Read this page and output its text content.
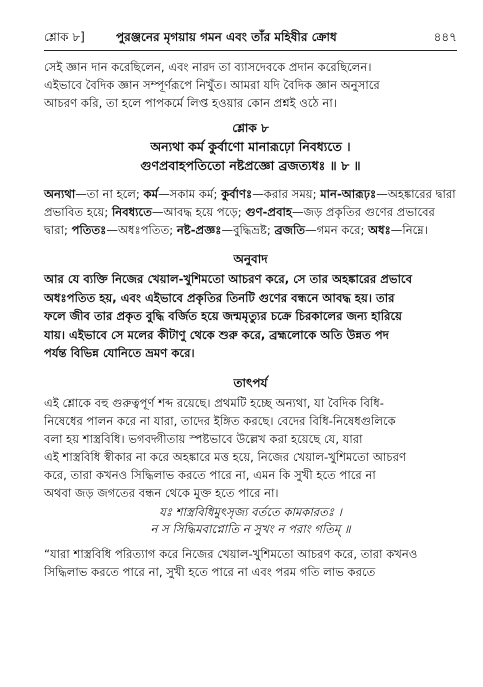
শ্লোক ৮]	পুরঞ্জনের মৃগয়ায় গমন এবং তাঁর মহিষীর ক্রোধ	৪৪৭

সেই জ্ঞান দান করেছিলেন, এবং নারদ তা ব্যাসদেবকে প্রদান করেছিলেন।

এইভাবে বৈদিক জ্ঞান সম্পূর্ণরূপে নিখুঁত। আমরা যদি বৈদিক জ্ঞান অনুসারে

আচরণ করি, তা হলে পাপকর্মে লিপ্ত হওয়ার কোন প্রশ্নই ওঠে না।

শ্লোক ৮
অন্যথা কর্ম কুর্বাণো মানারূঢ়ো নিবধ্যতে ।
গুণপ্রবাহপতিতো নষ্টপ্রজ্ঞো ব্রজত্যধঃ ॥ ৮ ॥

অন্যথা—তা না হলে; কর্ম—সকাম কর্ম; কুর্বাণঃ—করার সময়; মান-আরূঢ়ঃ—অহঙ্কারের দ্বারা প্রভাবিত হয়ে; নিবধ্যতে—আবদ্ধ হয়ে পড়ে; গুণ-প্রবাহ—জড় প্রকৃতির গুণের প্রভাবের দ্বারা; পতিতঃ—অধঃপতিত; নষ্ট-প্রজ্ঞঃ—বুদ্ধিভ্রষ্ট; ব্রজতি—গমন করে; অধঃ—নিম্নে।

অনুবাদ

আর যে ব্যক্তি নিজের খেয়াল-খুশিমতো আচরণ করে, সে তার অহঙ্কারের প্রভাবে

অধঃপতিত হয়, এবং এইভাবে প্রকৃতির তিনটি গুণের বন্ধনে আবদ্ধ হয়। তার

ফলে জীব তার প্রকৃত বুদ্ধি বর্জিত হয়ে জন্মমৃত্যুর চক্রে চিরকালের জন্য হারিয়ে

যায়। এইভাবে সে মলের কীটাণু থেকে শুরু করে, ব্রহ্মলোকে অতি উন্নত পদ

পর্যন্ত বিভিন্ন যোনিতে ভ্রমণ করে।

তাৎপর্য

এই শ্লোকে বহু গুরুত্বপূর্ণ শব্দ রয়েছে। প্রথমটি হচ্ছে অন্যথা, যা বৈদিক বিধি-

নিষেধের পালন করে না যারা, তাদের ইঙ্গিত করছে। বেদের বিধি-নিষেধগুলিকে

বলা হয় শাস্ত্রবিধি। ভগবদ্গীতায় স্পষ্টভাবে উল্লেখ করা হয়েছে যে, যারা

এই শাস্ত্রবিধি স্বীকার না করে অহঙ্কারে মত্ত হয়ে, নিজের খেয়াল-খুশিমতো আচরণ

করে, তারা কখনও সিদ্ধিলাভ করতে পারে না, এমন কি সুখী হতে পারে না

অথবা জড় জগতের বন্ধন থেকে মুক্ত হতে পারে না।

যঃ শাস্ত্রবিধিমুৎসৃজ্য বর্ততে কামকারতঃ ।
ন স সিদ্ধিমবাপ্নোতি ন সুখং ন পরাং গতিম্ ॥

“যারা শাস্ত্রবিধি পরিত্যাগ করে নিজের খেয়াল-খুশিমতো আচরণ করে, তারা কখনও

সিদ্ধিলাভ করতে পারে না, সুখী হতে পারে না এবং পরম গতি লাভ করতে
